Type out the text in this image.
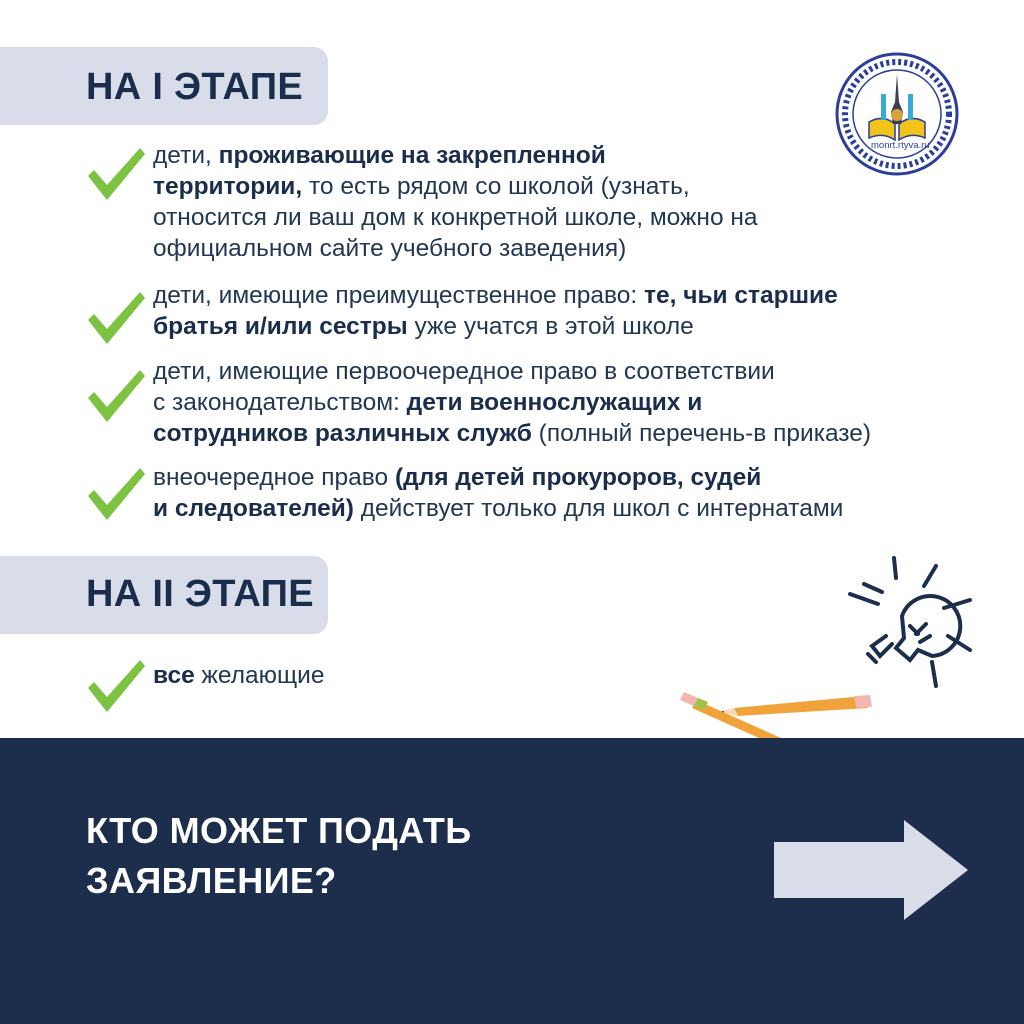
НА I ЭТАПЕ
monrt.rtyva.ru
дети, проживающие на закрепленной
территории, то есть рядом со школой (узнать,
относится ли ваш дом к конкретной школе, можно на
официальном сайте учебного заведения)
дети, имеющие преимущественное право: те, чьи старшие
братья и/или сестры уже учатся в этой школе
дети, имеющие первоочередное право в соответствии
с законодательством: дети военнослужащих и
сотрудников различных служб (полный перечень-в приказе)
внеочередное право (для детей прокуроров, судей
и следователей) действует только для школ с интернатами
НА II ЭТАПЕ
все желающие
КТО МОЖЕТ ПОДАТЬ
ЗАЯВЛЕНИЕ?
